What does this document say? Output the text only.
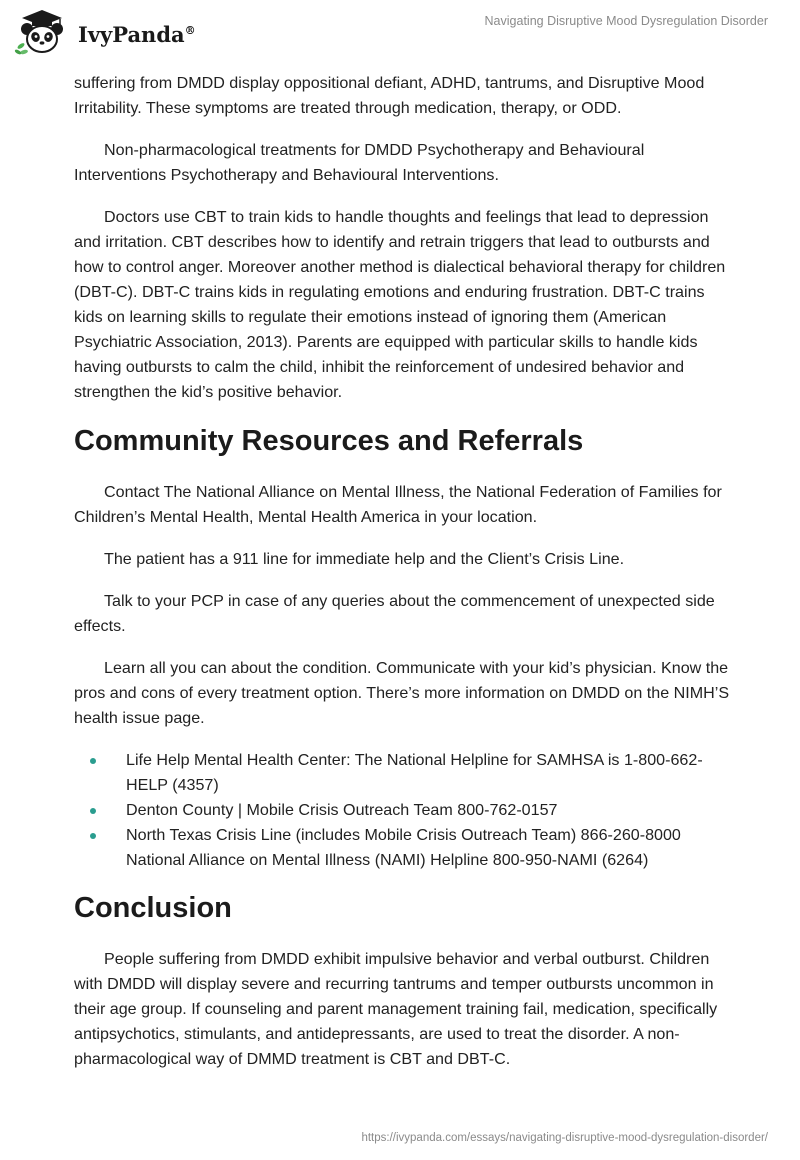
IvyPanda®
Navigating Disruptive Mood Dysregulation Disorder

suffering from DMDD display oppositional defiant, ADHD, tantrums, and Disruptive Mood Irritability. These symptoms are treated through medication, therapy, or ODD.

Non-pharmacological treatments for DMDD Psychotherapy and Behavioural Interventions Psychotherapy and Behavioural Interventions.

Doctors use CBT to train kids to handle thoughts and feelings that lead to depression and irritation. CBT describes how to identify and retrain triggers that lead to outbursts and how to control anger. Moreover another method is dialectical behavioral therapy for children (DBT-C). DBT-C trains kids in regulating emotions and enduring frustration. DBT-C trains kids on learning skills to regulate their emotions instead of ignoring them (American Psychiatric Association, 2013). Parents are equipped with particular skills to handle kids having outbursts to calm the child, inhibit the reinforcement of undesired behavior and strengthen the kid’s positive behavior.

Community Resources and Referrals

Contact The National Alliance on Mental Illness, the National Federation of Families for Children’s Mental Health, Mental Health America in your location.

The patient has a 911 line for immediate help and the Client’s Crisis Line.

Talk to your PCP in case of any queries about the commencement of unexpected side effects.

Learn all you can about the condition. Communicate with your kid’s physician. Know the pros and cons of every treatment option. There’s more information on DMDD on the NIMH’S health issue page.

Life Help Mental Health Center: The National Helpline for SAMHSA is 1-800-662-HELP (4357)
Denton County | Mobile Crisis Outreach Team 800-762-0157
North Texas Crisis Line (includes Mobile Crisis Outreach Team) 866-260-8000 National Alliance on Mental Illness (NAMI) Helpline 800-950-NAMI (6264)
Conclusion

People suffering from DMDD exhibit impulsive behavior and verbal outburst. Children with DMDD will display severe and recurring tantrums and temper outbursts uncommon in their age group. If counseling and parent management training fail, medication, specifically antipsychotics, stimulants, and antidepressants, are used to treat the disorder. A non-pharmacological way of DMMD treatment is CBT and DBT-C.

https://ivypanda.com/essays/navigating-disruptive-mood-dysregulation-disorder/
